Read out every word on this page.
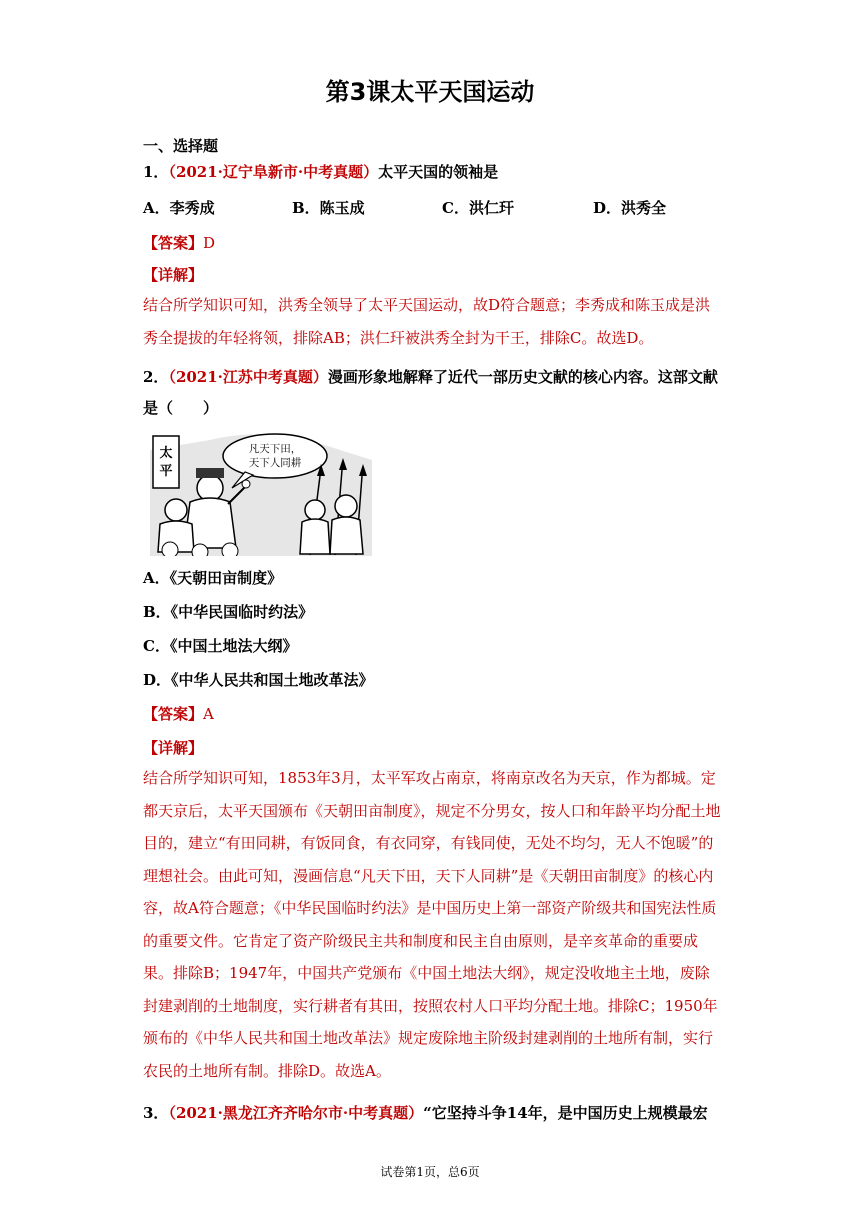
第3课太平天国运动
一、选择题
1．（2021·辽宁阜新市·中考真题）太平天国的领袖是
A．李秀成	B．陈玉成	C．洪仁玕	D．洪秀全
【答案】D
【详解】
结合所学知识可知，洪秀全领导了太平天国运动，故D符合题意；李秀成和陈玉成是洪秀全提拔的年轻将领，排除AB；洪仁玕被洪秀全封为干王，排除C。故选D。
2．（2021·江苏中考真题）漫画形象地解释了近代一部历史文献的核心内容。这部文献
是（　　）
太
平
凡天下田，
天下人同耕
A．《天朝田亩制度》
B．《中华民国临时约法》
C．《中国土地法大纲》
D．《中华人民共和国土地改革法》
【答案】A
【详解】
结合所学知识可知，1853年3月，太平军攻占南京，将南京改名为天京，作为都城。定都天京后，太平天国颁布《天朝田亩制度》，规定不分男女，按人口和年龄平均分配土地目的，建立“有田同耕，有饭同食，有衣同穿，有钱同使，无处不均匀，无人不饱暖”的理想社会。由此可知，漫画信息“凡天下田，天下人同耕”是《天朝田亩制度》的核心内容，故A符合题意；《中华民国临时约法》是中国历史上第一部资产阶级共和国宪法性质的重要文件。它肯定了资产阶级民主共和制度和民主自由原则，是辛亥革命的重要成果。排除B；1947年，中国共产党颁布《中国土地法大纲》，规定没收地主土地，废除封建剥削的土地制度，实行耕者有其田，按照农村人口平均分配土地。排除C；1950年颁布的《中华人民共和国土地改革法》规定废除地主阶级封建剥削的土地所有制，实行农民的土地所有制。排除D。故选A。
3．（2021·黑龙江齐齐哈尔市·中考真题）“它坚持斗争14年，是中国历史上规模最宏
试卷第1页，总6页
